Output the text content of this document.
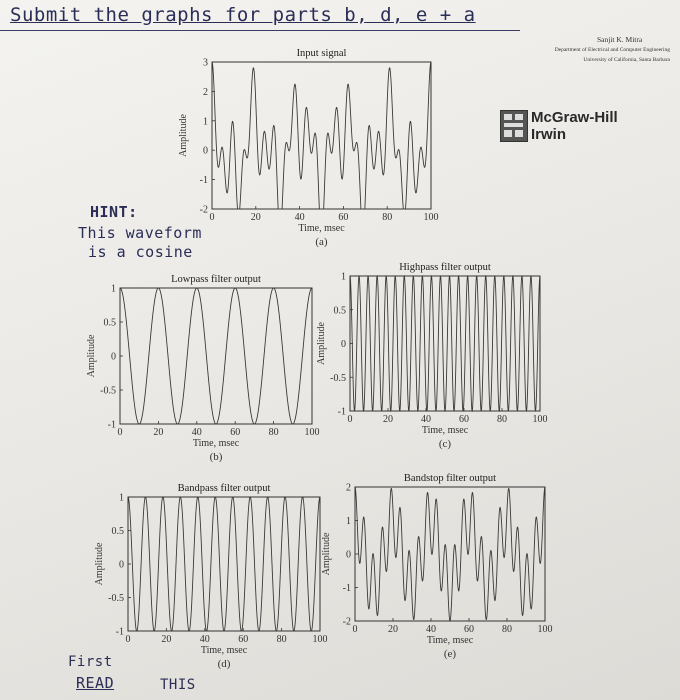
Submit the graphs for parts b, d, e + a
Sanjit K. Mitra
Department of Electrical and Computer Engineering
University of California, Santa Barbara
McGraw-Hill
Irwin
HINT:
This waveform
is a cosine
First
READ	THIS
0	20	40	60	80	100
-2
-1
0
1
2
3
Input signal
Time, msec
Amplitude
(a)
0	20	40	60	80	100
-1
-0.5
0
0.5
1
Lowpass filter output
Time, msec
Amplitude
(b)
0	20	40	60	80	100
-1
-0.5
0
0.5
1
Highpass filter output
Time, msec
Amplitude
(c)
0	20	40	60	80	100
-1
-0.5
0
0.5
1
Bandpass filter output
Time, msec
Amplitude
(d)
0	20	40	60	80	100
-2
-1
0
1
2
Bandstop filter output
Time, msec
Amplitude
(e)
